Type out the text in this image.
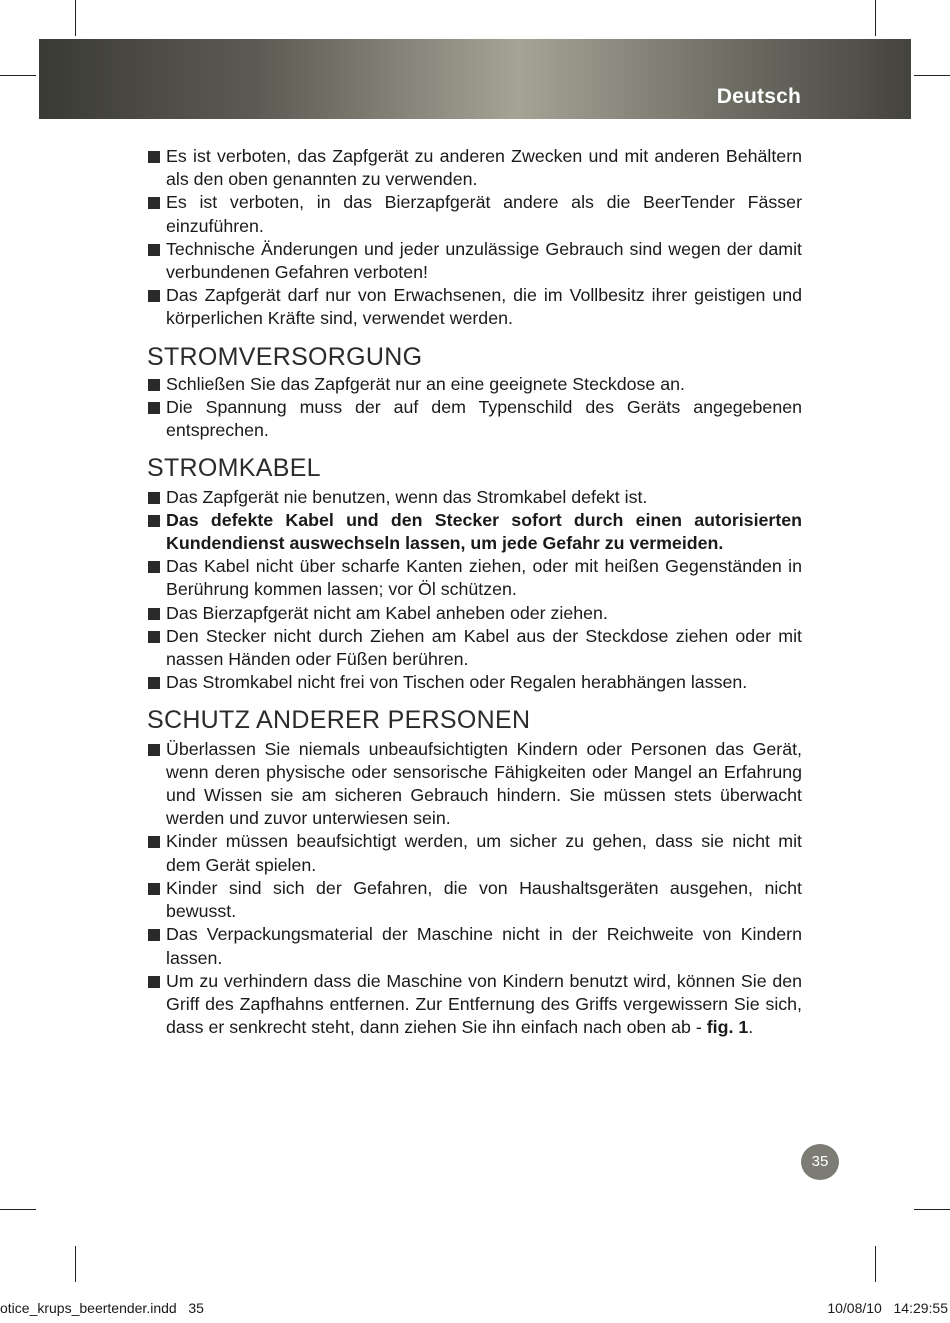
Deutsch
Es ist verboten, das Zapfgerät zu anderen Zwecken und mit anderen Behältern als den oben genannten zu verwenden.
Es ist verboten, in das Bierzapfgerät andere als die BeerTender Fässer einzuführen.
Technische Änderungen und jeder unzulässige Gebrauch sind wegen der damit verbundenen Gefahren verboten!
Das Zapfgerät darf nur von Erwachsenen, die im Vollbesitz ihrer geistigen und körperlichen Kräfte sind, verwendet werden.
STROMVERSORGUNG
Schließen Sie das Zapfgerät nur an eine geeignete Steckdose an.
Die Spannung muss der auf dem Typenschild des Geräts angegebenen entsprechen.
STROMKABEL
Das Zapfgerät nie benutzen, wenn das Stromkabel defekt ist.
Das defekte Kabel und den Stecker sofort durch einen autorisierten Kundendienst auswechseln lassen, um jede Gefahr zu vermeiden.
Das Kabel nicht über scharfe Kanten ziehen, oder mit heißen Gegenständen in Berührung kommen lassen; vor Öl schützen.
Das Bierzapfgerät nicht am Kabel anheben oder ziehen.
Den Stecker nicht durch Ziehen am Kabel aus der Steckdose ziehen oder mit nassen Händen oder Füßen berühren.
Das Stromkabel nicht frei von Tischen oder Regalen herabhängen lassen.
SCHUTZ ANDERER PERSONEN
Überlassen Sie niemals unbeaufsichtigten Kindern oder Personen das Gerät, wenn deren physische oder sensorische Fähigkeiten oder Mangel an Erfahrung und Wissen sie am sicheren Gebrauch hindern. Sie müssen stets überwacht werden und zuvor unterwiesen sein.
Kinder müssen beaufsichtigt werden, um sicher zu gehen, dass sie nicht mit dem Gerät spielen.
Kinder sind sich der Gefahren, die von Haushaltsgeräten ausgehen, nicht bewusst.
Das Verpackungsmaterial der Maschine nicht in der Reichweite von Kindern lassen.
Um zu verhindern dass die Maschine von Kindern benutzt wird, können Sie den Griff des Zapfhahns entfernen. Zur Entfernung des Griffs vergewissern Sie sich, dass er senkrecht steht, dann ziehen Sie ihn einfach nach oben ab - fig. 1.
35
otice_krups_beertender.indd   35	10/08/10   14:29:55
